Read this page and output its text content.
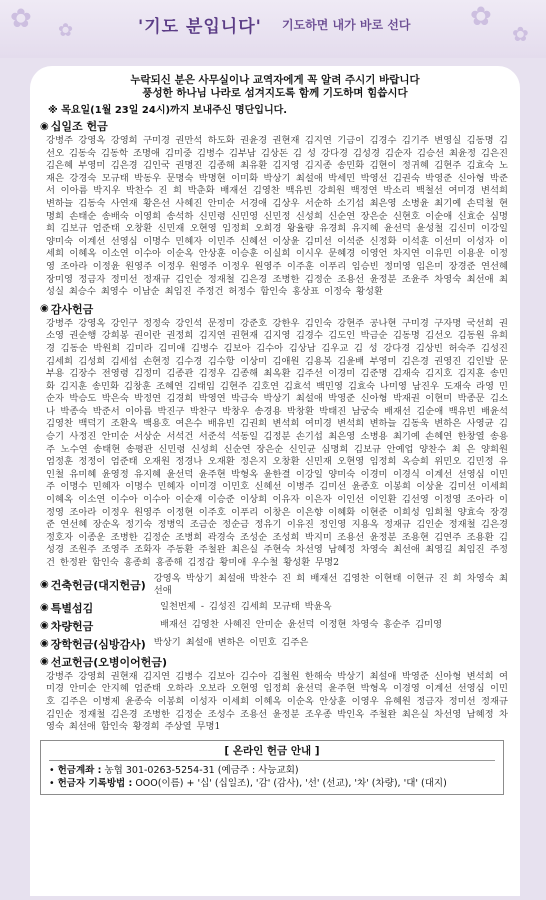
✿ ✿	✿
✿
'기도 분입니다' 기도하면 내가 바로 선다
누락되신 분은 사무실이나 교역자에게 꼭 알려 주시기 바랍니다
풍성한 하나님 나라로 섬겨지도록 함께 기도하며 힘씁시다
※ 목요일(1월 23일 24시)까지 보내주신 명단입니다.
◉ 십일조 헌금
강병주 강영옥 강영희 구미경 권만석 하도화 권윤경 권현재 김지연 기금이 김경수 김기주 변영실 김동명 김선오 김동숙 김동학 조명애 김미중 김병수 김부남 김상돈 김 성 강다경 김성경 김순자 김승선 최윤정 김은진 김은혜 부영미 김은경 김인국 권명진 김종해 최유환 김지영 김지종 송민화 김현이 정귀혜 김현주 김효숙 노재은 강경숙 모규태 박동우 문명숙 박명현 이미화 박상기 최설애 박세민 박영선 김권숙 박영준 신아형 박준서 이아름 박지우 박찬수 진 희 박춘화 배재선 김영찬 백유빈 강희원 백정연 박소리 백철선 여미경 변석희 변하늘 김동숙 사연재 황은선 사혜진 안미순 서경애 김상우 서순하 소기섭 최은영 소병윤 최기예 손덕철 현명희 손태순 송배숙 이영희 송석하 신민령 신민영 신민정 신성희 신순연 장은순 신현호 이순애 신효순 심명희 김보규 엄준태 오창환 신민재 오현영 임정희 오희경 왕율량 유경희 유지혜 윤선덕 윤성철 김신미 이강일 양미숙 이계선 선영심 이명수 민혜자 이민주 신혜선 이상윤 김미선 이석준 신정화 이석훈 이선미 이성자 이세희 이혜옥 이소연 이수아 이순옥 안상훈 이승훈 이실희 이시우 문혜경 이영언 차지연 이유민 이용운 이정영 조아라 이정윤 원영주 이정우 원영주 이정우 원영주 이주훈 이푸리 임승빈 정미영 임은미 장경준 연선혜 장미영 정금자 정미선 정재규 김인순 정재철 김은경 조병한 김정순 조용선 윤정분 조윤주 차영숙 최선애 최성실 최승수 최영수 이남순 최임진 주정건 허정수 함인숙 홍상표 이정숙 황성환
◉ 감사헌금
강병주 강영옥 강인구 정정숙 강인석 문정미 강준호 강한우 김인숙 강현주 공나현 구미경 구자명 국선희 권소영 권순행 강희봉 권이란 권정희 김지연 권현재 김지영 김경수 김도인 박금순 김동명 김선오 김동원 유희경 김동순 박원희 김미라 김미애 김병수 김보아 김수아 김상남 김우교 김 성 강다경 김상빈 허숙주 김성진 김세희 김성희 김세섭 손현정 김수경 김수항 이상미 김애원 김용복 김윤배 부영미 김은경 권영진 김인발 문부용 김장수 전영령 김정미 김종관 김정우 김종해 최옥환 김주선 이경미 김준명 김재숙 김지호 김지훈 송민화 김지훈 송민화 김창훈 조혜연 김태임 김현주 김호연 김효석 백민영 김효숙 나미영 남진우 도재숙 라영 민순자 박승도 박은숙 박정연 김경희 박영연 박금숙 박상기 최설애 박영준 신아형 박재권 이현미 박종문 김소나 박종숙 박준서 이아름 박진구 박찬구 박창우 송경용 박창환 박태진 남궁숙 배재선 김순애 백유빈 배윤석 김영찬 백덕기 조환옥 백용호 여은수 배유빈 김권희 변석희 여미경 변석희 변하늘 김동욱 변하은 사영균 김승기 사정진 안미순 서상순 서석건 서준석 석동일 김정분 손기섭 최은영 소병용 최기예 손혜연 한창열 송용주 노수연 송태현 송평관 신민령 신성희 신순연 장은순 신인균 심명희 김보규 안예업 양찬수 최 은 양희원 엄정훈 정정이 엄준태 오재원 정경나 오재환 정은지 오창환 신민재 오현영 임정희 옥승희 위민오 김민정 유인철 유미혜 윤영정 유지혜 윤선덕 윤주현 박형옥 윤한결 이강일 양미숙 이경미 이경식 이계선 선영심 이민주 이명수 민혜자 이명수 민혜자 이미경 이민호 신혜선 이병주 김미선 윤종호 이봉희 이상윤 김미선 이세희 이혜옥 이소연 이수아 이수아 이순재 이승준 이상희 이유자 이은자 이인선 이인환 김선영 이정영 조아라 이정영 조아라 이정우 원영주 이정현 이주호 이푸리 이창은 이은향 이혜화 이현준 이희성 임희철 양효숙 장경준 연선혜 장순옥 정기숙 정병익 조금순 정순금 정유기 이유진 정인영 지용옥 정재규 김인순 정재철 김은경 정호자 이종운 조병한 김정순 조병희 곽경숙 조성순 조성희 박지미 조용선 윤정분 조용현 김연주 조용환 김성경 조원주 조영주 조화자 주동환 주철완 최은실 주현숙 차선영 남혜정 차영숙 최선애 최영길 최임진 주정건 한정완 함인숙 홍종희 홍종해 김정갑 황미애 우수철 황성환 무명2
◉ 건축헌금(대지헌금)
강영옥 박상기 최설애 박찬수 진 희 배재선 김영찬 이현태 이현규 진 희 차영숙 최선애
◉ 특별섬김	일천번제 - 김성진 김세희 모규태 박윤옥
◉ 차량헌금	배재선 김영찬 사혜진 안미순 윤선덕 이정현 차영숙 홍순주 김미영
◉ 장학헌금(심방감사) 박상기 최설애 변하은 이민호 김주은
◉ 선교헌금(오병이어헌금)
강병주 강영희 권현재 김지연 김병수 김보아 김수아 김철원 한해숙 박상기 최설애 박영준 신아형 변석희 여미경 안미순 안지혜 엄준태 오하라 오보라 오현영 임정희 윤선덕 윤주현 박형옥 이경영 이계선 선영심 이민호 김주은 이병제 윤종숙 이봉희 이성자 이세희 이혜옥 이순옥 안상훈 이영우 유혜원 정금자 정미선 정재규 김인순 정재철 김은경 조병한 김정순 조성수 조용선 윤정분 조우종 박인옥 주철완 최은실 차선영 남혜정 차영숙 최선애 함인숙 황경희 주상열 무명1
[ 온라인 헌금 안내 ]
• 헌금계좌 : 농협 301-0263-5254-31 (예금주 : 사능교회)
• 헌금자 기록방법 : OOO(이름) + '십' (십일조), '감' (감사), '선' (선교), '차' (차량), '대' (대지)
